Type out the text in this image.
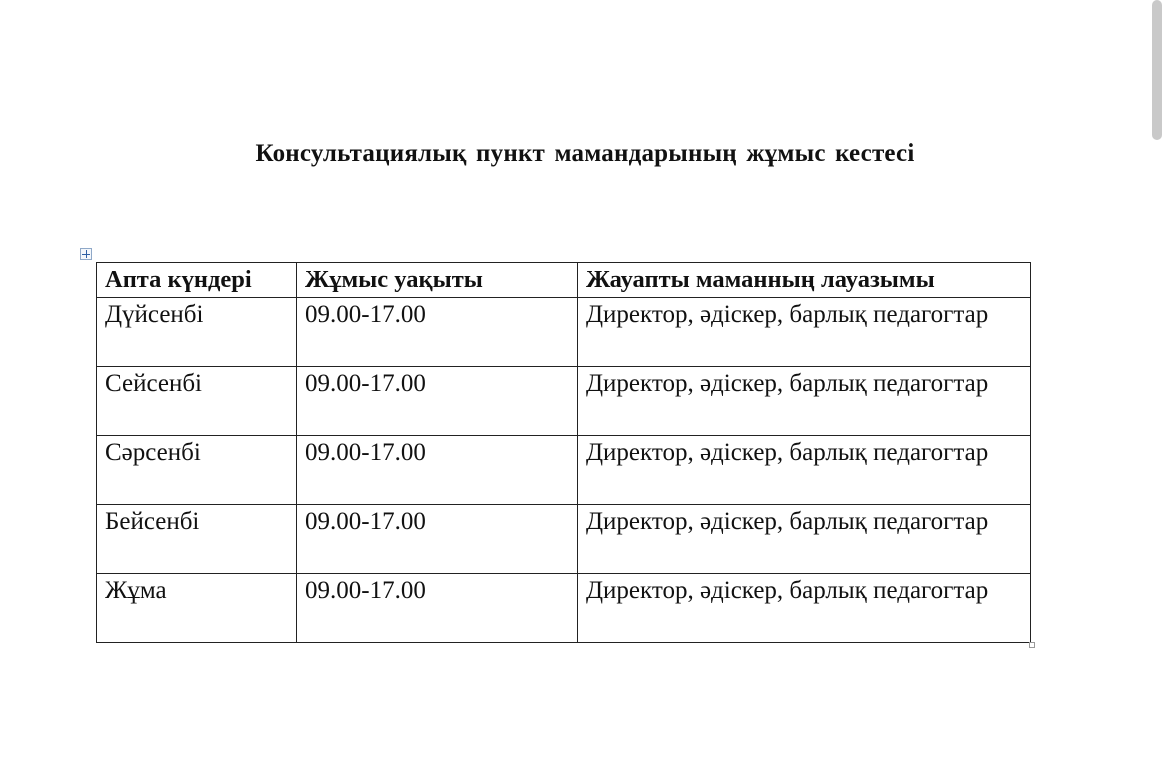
Консультациялық пункт мамандарының жұмыс кестесі
Апта күндері	Жұмыс уақыты	Жауапты маманның лауазымы
Дүйсенбі	09.00-17.00	Директор, әдіскер, барлық педагогтар
Сейсенбі	09.00-17.00	Директор, әдіскер, барлық педагогтар
Сәрсенбі	09.00-17.00	Директор, әдіскер, барлық педагогтар
Бейсенбі	09.00-17.00	Директор, әдіскер, барлық педагогтар
Жұма	09.00-17.00	Директор, әдіскер, барлық педагогтар
